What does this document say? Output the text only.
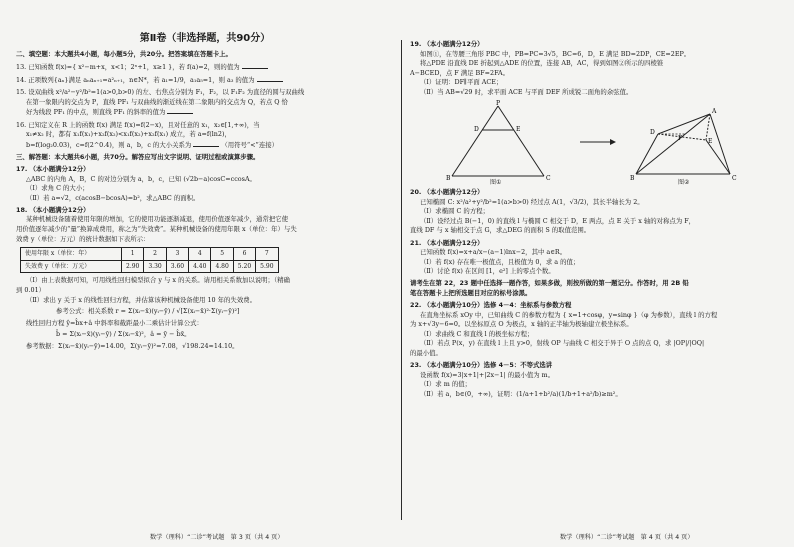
第Ⅱ卷（非选择题，共90分）
二、填空题：本大题共4小题，每小题5分，共20分。把答案填在答题卡上。
13. 已知函数 f(x)={ x²−m+x，x<1；2ˣ+1，x≥1 }，若 f(a)=2，则的值为
14. 正项数列{aₙ}满足 aₙaₙ₊₁=a²ₙ₊₁，n∈N*，若 a₁=1/9，a₁a₅=1，则 a₃ 的值为
15. 设双曲线 x²/a²−y²/b²=1(a>0,b>0) 的左、右焦点分别为 F₁，F₂，以 F₁F₂ 为直径的圆与双曲线
在第一象限内的交点为 P，直线 PF₁ 与双曲线的渐近线在第二象限内的交点为 Q，若点 Q 恰
好为线段 PF₁ 的中点，则直线 PF₁ 的斜率的值为
16. 已知定义在 R 上的函数 f(x) 满足 f(x)=f(2−x)，且对任意的 x₁，x₂∈[1,+∞)，当
x₁≠x₂ 时，都有 x₁f(x₁)+x₂f(x₂)<x₁f(x₂)+x₂f(x₁) 成立，若 a=f(ln2)，
b=f(log₂0.03)，c=f(2^0.4)，则 a，b，c 的大小关系为	（用符号“<”连接）
三、解答题：本大题共6小题，共70分。解答应写出文字说明、证明过程或演算步骤。
17. （本小题满分12分）
△ABC 的内角 A，B，C 的对边分别为 a，b，c，已知 (√2b−a)cosC=ccosA。
（Ⅰ）求角 C 的大小；
（Ⅱ）若 a=√2，c(acosB−bcosA)=b²，求△ABC 的面积。
18. （本小题满分12分）
某种机械设备随着使用年限的增加，它的使用功能逐渐减退，使用价值逐年减少，通常把它使
用价值逐年减少的“量”换算成费用，称之为“失效费”。某种机械设备的使用年限 x（单位：年）与失
效费 y（单位：万元）的统计数据如下表所示：
使用年限 x（单位：年）	1	2	3	4	5	6	7
失效费 y（单位：万元）	2.90	3.30	3.60	4.40	4.80	5.20	5.90
（Ⅰ）由上表数据可知，可用线性回归模型拟合 y 与 x 的关系。请用相关系数加以说明；（精确
到 0.01）
（Ⅱ）求出 y 关于 x 的线性回归方程，并估算该种机械设备使用 10 年的失效费。
参考公式：相关系数 r = Σ(xᵢ−x̄)(yᵢ−ȳ) / √[Σ(xᵢ−x̄)²·Σ(yᵢ−ȳ)²]
线性回归方程 ŷ=b̂x+â 中斜率和截距最小二乘估计计算公式：
b̂ = Σ(xᵢ−x̄)(yᵢ−ȳ) / Σ(xᵢ−x̄)²，â = ȳ − b̂x̄。
参考数据：Σ(xᵢ−x̄)(yᵢ−ȳ)=14.00，Σ(yᵢ−ȳ)²=7.08，√198.24≈14.10。
19. （本小题满分12分）
如图①，在等腰三角形 PBC 中，PB=PC=3√5，BC=6，D，E 满足 BD=2DP，CE=2EP。
将△PDE 沿直线 DE 折起到△ADE 的位置，连接 AB，AC，得到如图②所示的四棱锥
A−BCED，点 F 满足 BF=2FA。
（Ⅰ）证明：DF∥平面 ACE；
（Ⅱ）当 AB=√29 时，求平面 ACE 与平面 DEF 所成锐二面角的余弦值。
P
D	E
B	C
A
D
E
B	C
F
图①	图②
20. （本小题满分12分）
已知椭圆 C: x²/a²+y²/b²=1(a>b>0) 经过点 A(1，√3/2)，其长半轴长为 2。
（Ⅰ）求椭圆 C 的方程；
（Ⅱ）设经过点 B(−1，0) 的直线 l 与椭圆 C 相交于 D，E 两点，点 E 关于 x 轴的对称点为 F，
直线 DF 与 x 轴相交于点 G，求△DEG 的面积 S 的取值范围。
21. （本小题满分12分）
已知函数 f(x)=x+a/x−(a−1)lnx−2，其中 a∈R。
（Ⅰ）若 f(x) 存在唯一极值点，且极值为 0，求 a 的值；
（Ⅱ）讨论 f(x) 在区间 [1，e²] 上的零点个数。
请考生在第 22，23 题中任选择一题作答，如果多做，则按所做的第一题记分。作答时，用 2B 铅
笔在答题卡上把所选题目对应的标号涂黑。
22. （本小题满分10分）选修 4－4：坐标系与参数方程
在直角坐标系 xOy 中，已知曲线 C 的参数方程为 { x=1+cosφ，y=sinφ }（φ 为参数），直线 l 的方程
为 x+√3y−6=0。以坐标原点 O 为极点，x 轴的正半轴为极轴建立极坐标系。
（Ⅰ）求曲线 C 和直线 l 的极坐标方程；
（Ⅱ）若点 P(x，y) 在直线 l 上且 y>0，射线 OP 与曲线 C 相交于异于 O 点的点 Q，求 |OP|/|OQ|
的最小值。
23. （本小题满分10分）选修 4－5：不等式选讲
设函数 f(x)=3|x+1|+|2x−1| 的最小值为 m。
（Ⅰ）求 m 的值；
（Ⅱ）若 a，b∈(0，+∞)，证明：(1/a+1+b²/a)(1/b+1+a²/b)≥m²。
数学（理科）“二诊”考试题　第 3 页（共 4 页）	数学（理科）“二诊”考试题　第 4 页（共 4 页）
